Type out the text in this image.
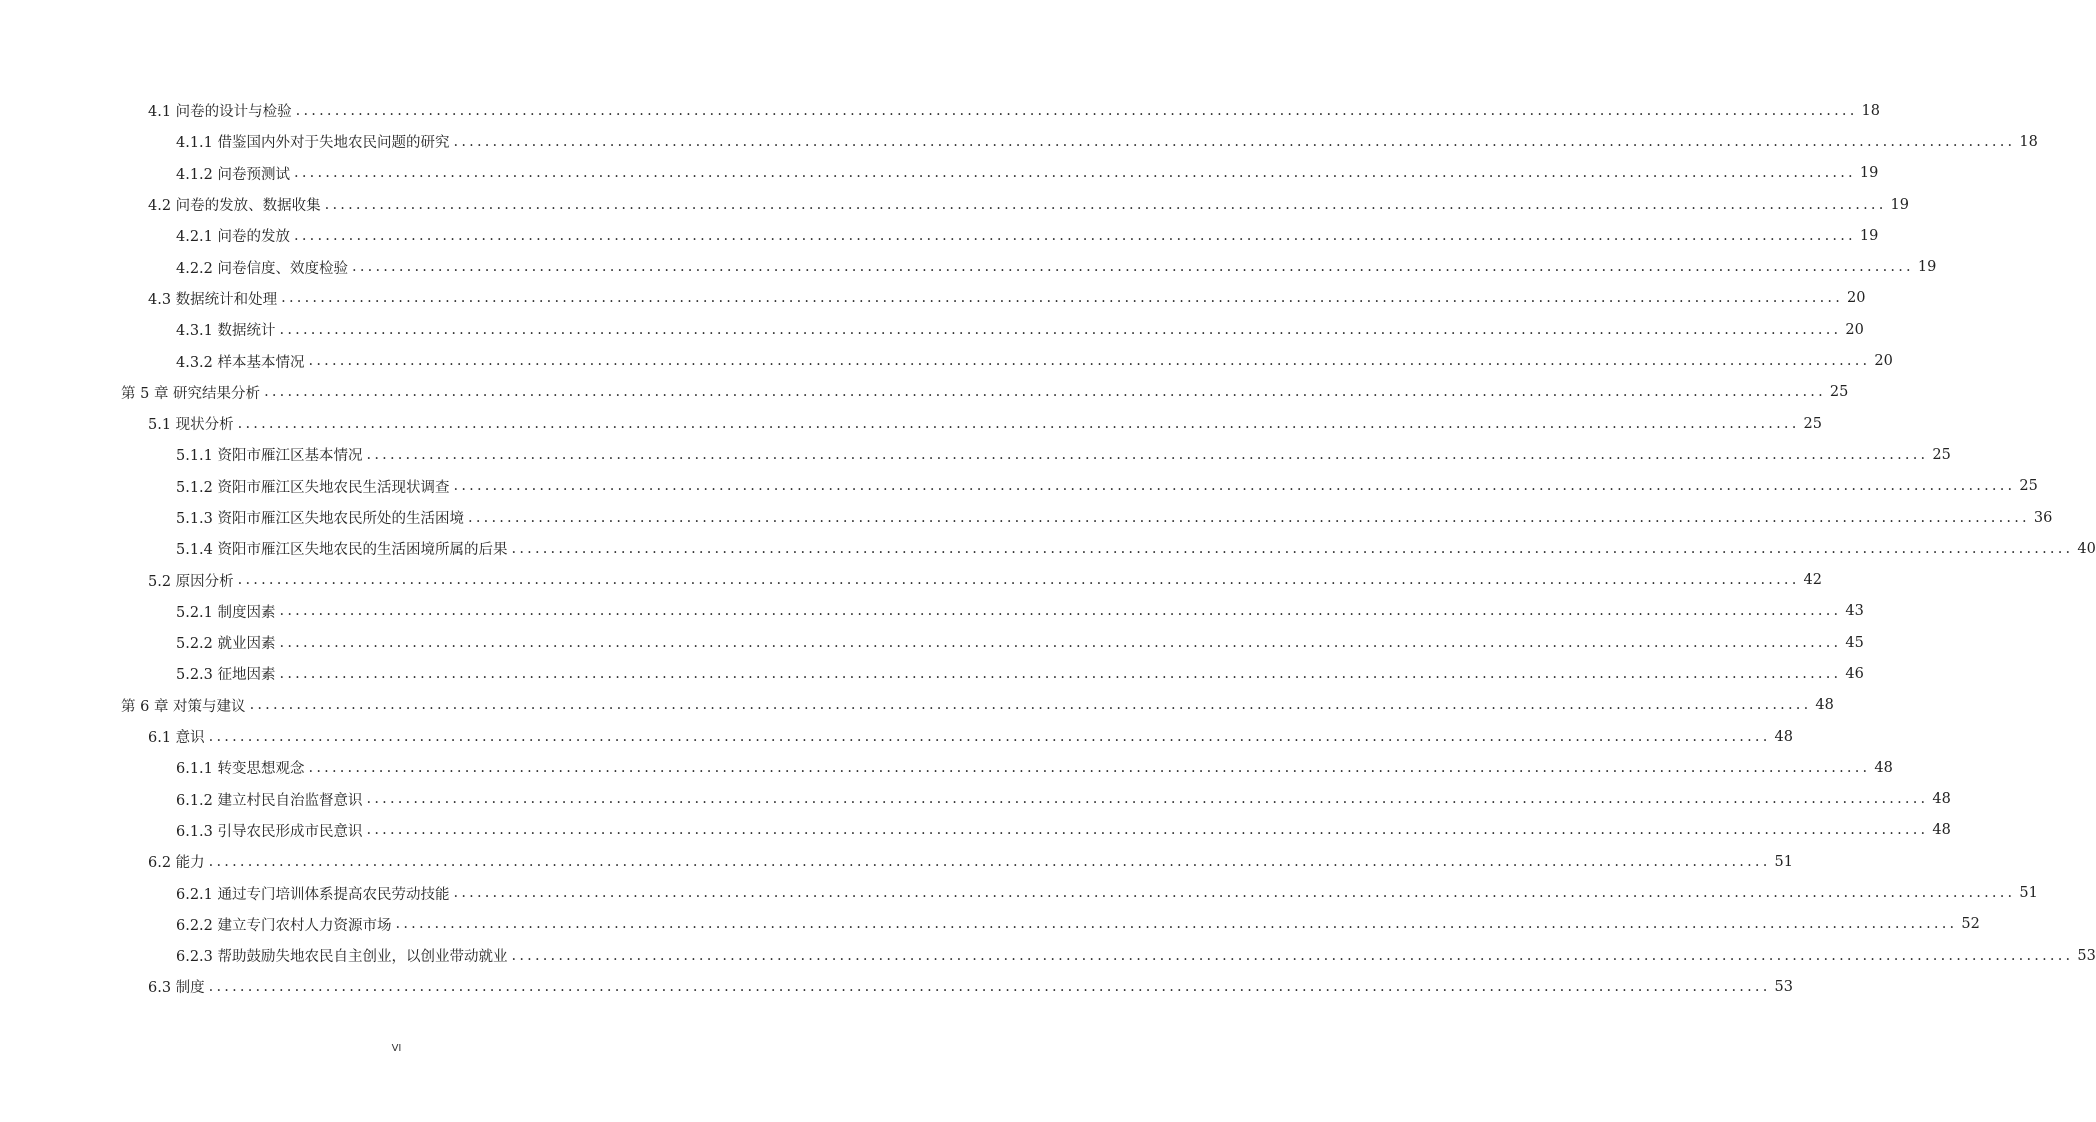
4.1 问卷的设计与检验 ........................................................................................................................................................................................................ 18
4.1.1 借鉴国内外对于失地农民问题的研究 ........................................................................................................................................................................................................ 18
4.1.2 问卷预测试 ........................................................................................................................................................................................................ 19
4.2 问卷的发放、数据收集 ........................................................................................................................................................................................................ 19
4.2.1 问卷的发放 ........................................................................................................................................................................................................ 19
4.2.2 问卷信度、效度检验 ........................................................................................................................................................................................................ 19
4.3 数据统计和处理 ........................................................................................................................................................................................................ 20
4.3.1 数据统计 ........................................................................................................................................................................................................ 20
4.3.2 样本基本情况 ........................................................................................................................................................................................................ 20
第 5 章 研究结果分析 ........................................................................................................................................................................................................ 25
5.1 现状分析 ........................................................................................................................................................................................................ 25
5.1.1 资阳市雁江区基本情况 ........................................................................................................................................................................................................ 25
5.1.2 资阳市雁江区失地农民生活现状调查 ........................................................................................................................................................................................................ 25
5.1.3 资阳市雁江区失地农民所处的生活困境 ........................................................................................................................................................................................................ 36
5.1.4 资阳市雁江区失地农民的生活困境所属的后果 ........................................................................................................................................................................................................ 40
5.2 原因分析 ........................................................................................................................................................................................................ 42
5.2.1 制度因素 ........................................................................................................................................................................................................ 43
5.2.2 就业因素 ........................................................................................................................................................................................................ 45
5.2.3 征地因素 ........................................................................................................................................................................................................ 46
第 6 章 对策与建议 ........................................................................................................................................................................................................ 48
6.1 意识 ........................................................................................................................................................................................................ 48
6.1.1 转变思想观念 ........................................................................................................................................................................................................ 48
6.1.2 建立村民自治监督意识 ........................................................................................................................................................................................................ 48
6.1.3 引导农民形成市民意识 ........................................................................................................................................................................................................ 48
6.2 能力 ........................................................................................................................................................................................................ 51
6.2.1 通过专门培训体系提高农民劳动技能 ........................................................................................................................................................................................................ 51
6.2.2 建立专门农村人力资源市场 ........................................................................................................................................................................................................ 52
6.2.3 帮助鼓励失地农民自主创业，以创业带动就业 ........................................................................................................................................................................................................ 53
6.3 制度 ........................................................................................................................................................................................................ 53
VI
